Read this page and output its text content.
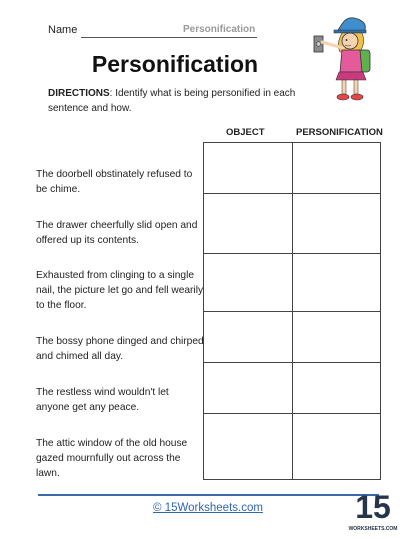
Name	Personification
Personification
DIRECTIONS: Identify what is being personified in each sentence and how.
OBJECT	PERSONIFICATION
The doorbell obstinately refused to be chime.
The drawer cheerfully slid open and offered up its contents.
Exhausted from clinging to a single nail, the picture let go and fell wearily to the floor.
The bossy phone dinged and chirped and chimed all day.
The restless wind wouldn't let anyone get any peace.
The attic window of the old house gazed mournfully out across the lawn.
© 15Worksheets.com	15
WORKSHEETS.COM
